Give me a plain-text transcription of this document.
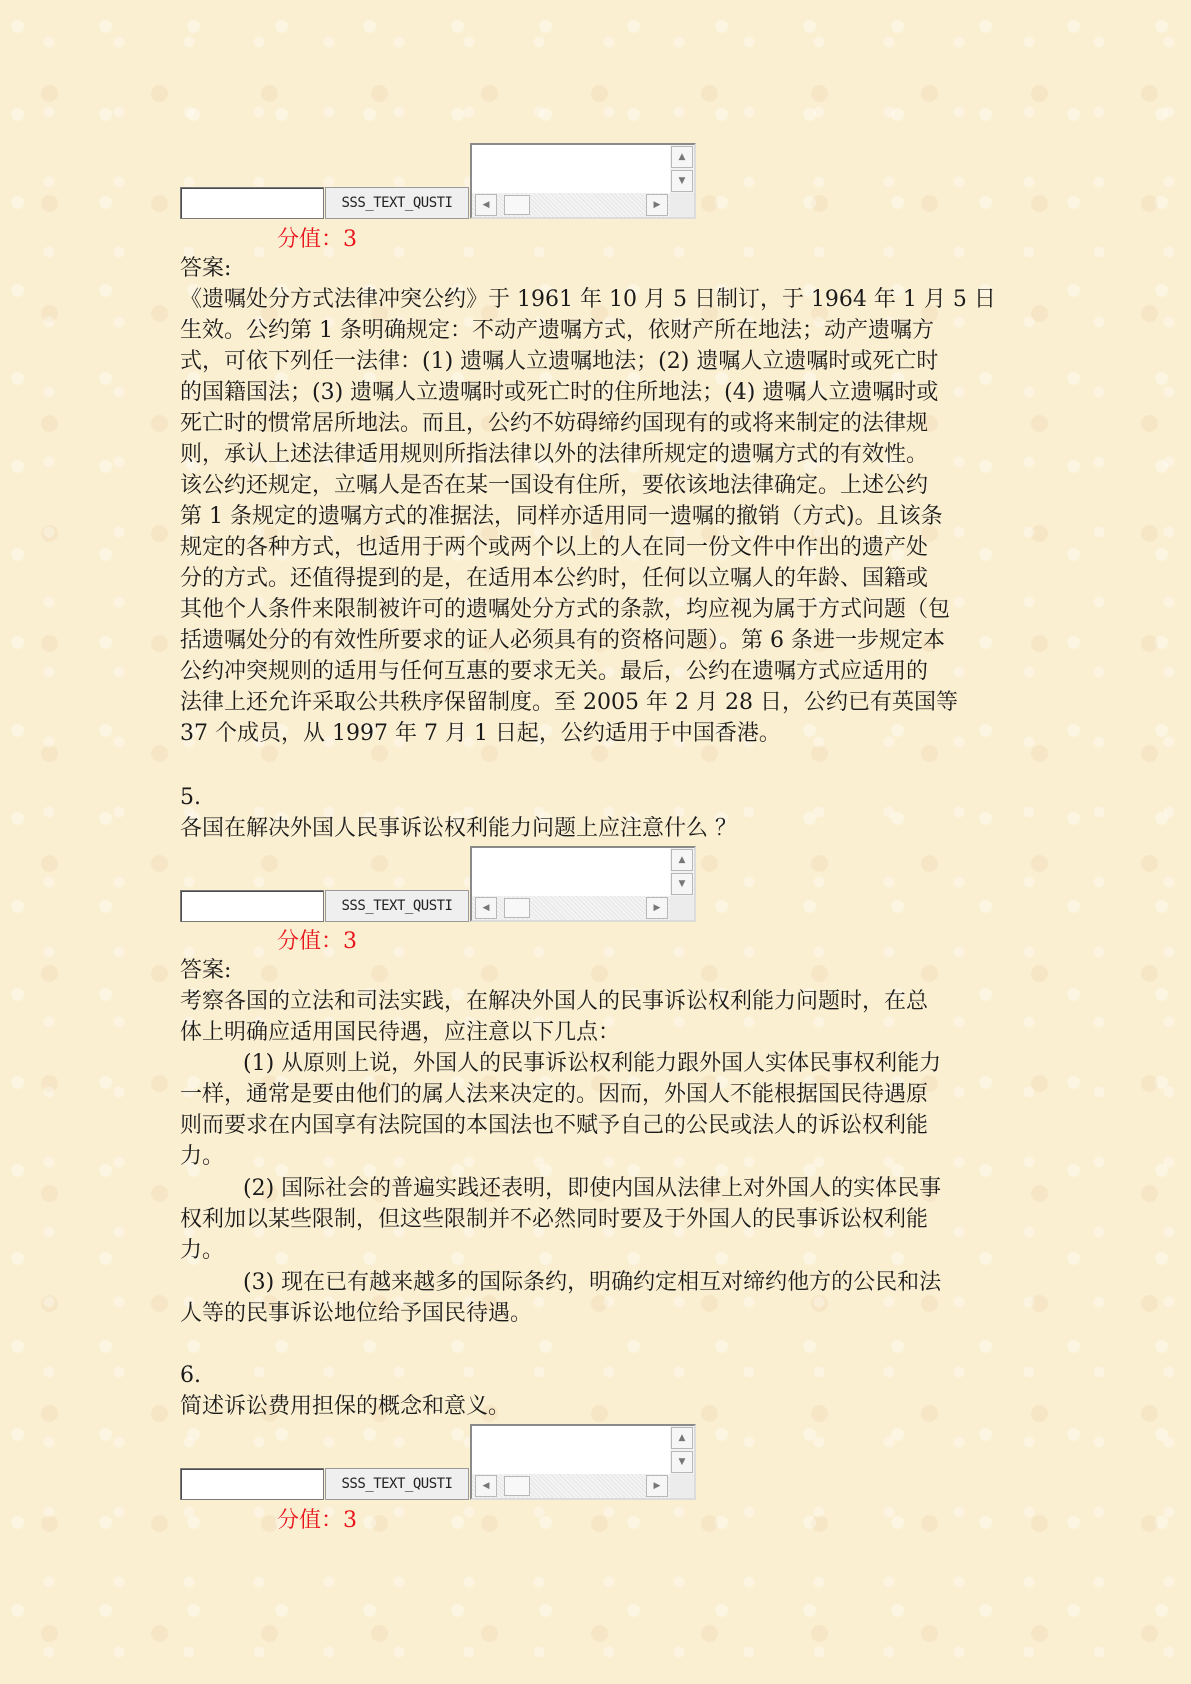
SSS_TEXT_QUSTI
▲
▼
◀	▶
分值：3
答案:
《遗嘱处分方式法律冲突公约》于 1961 年 10 月 5 日制订，于 1964 年 1 月 5 日
生效。公约第 1 条明确规定：不动产遗嘱方式，依财产所在地法；动产遗嘱方
式，可依下列任一法律：(1) 遗嘱人立遗嘱地法；(2) 遗嘱人立遗嘱时或死亡时
的国籍国法；(3) 遗嘱人立遗嘱时或死亡时的住所地法；(4) 遗嘱人立遗嘱时或
死亡时的惯常居所地法。而且，公约不妨碍缔约国现有的或将来制定的法律规
则，承认上述法律适用规则所指法律以外的法律所规定的遗嘱方式的有效性。
该公约还规定，立嘱人是否在某一国设有住所，要依该地法律确定。上述公约
第 1 条规定的遗嘱方式的准据法，同样亦适用同一遗嘱的撤销（方式)。且该条
规定的各种方式，也适用于两个或两个以上的人在同一份文件中作出的遗产处
分的方式。还值得提到的是，在适用本公约时，任何以立嘱人的年龄、国籍或
其他个人条件来限制被许可的遗嘱处分方式的条款，均应视为属于方式问题（包
括遗嘱处分的有效性所要求的证人必须具有的资格问题）。第 6 条进一步规定本
公约冲突规则的适用与任何互惠的要求无关。最后，公约在遗嘱方式应适用的
法律上还允许采取公共秩序保留制度。至 2005 年 2 月 28 日，公约已有英国等
37 个成员，从 1997 年 7 月 1 日起，公约适用于中国香港。
5.
各国在解决外国人民事诉讼权利能力问题上应注意什么 ？
SSS_TEXT_QUSTI
▲
▼
◀	▶
分值：3
答案:
考察各国的立法和司法实践，在解决外国人的民事诉讼权利能力问题时，在总
体上明确应适用国民待遇，应注意以下几点：
(1) 从原则上说，外国人的民事诉讼权利能力跟外国人实体民事权利能力
一样，通常是要由他们的属人法来决定的。因而，外国人不能根据国民待遇原
则而要求在内国享有法院国的本国法也不赋予自己的公民或法人的诉讼权利能
力。
(2) 国际社会的普遍实践还表明，即使内国从法律上对外国人的实体民事
权利加以某些限制，但这些限制并不必然同时要及于外国人的民事诉讼权利能
力。
(3) 现在已有越来越多的国际条约，明确约定相互对缔约他方的公民和法
人等的民事诉讼地位给予国民待遇。
6.
简述诉讼费用担保的概念和意义。
SSS_TEXT_QUSTI
▲
▼
◀	▶
分值：3
